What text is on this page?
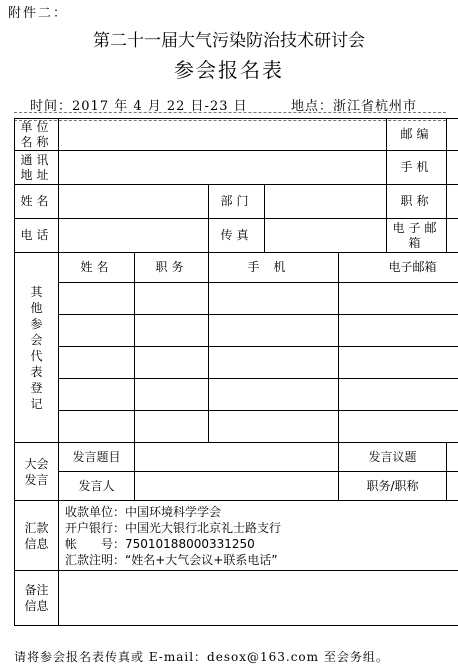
附件二：
第二十一届大气污染防治技术研讨会
参会报名表
时间：2017 年 4 月 22 日-23 日	地点：浙江省杭州市
单位名称						邮编	
通讯地址						手机	
姓名			部门			职称	
电话			传真			电子邮箱	
其他参会代表登记	姓名	职务	手机		电子邮箱		

大会发言	发言题目				发言议题		
	发言人				职务/职称		
汇款信息	收款单位：中国环境科学学会
开户银行：中国光大银行北京礼士路支行
帐　　号：75010188000331250
汇款注明：“姓名+大气会议+联系电话”						

备注信息							
请将参会报名表传真或 E-mail：desox@163.com 至会务组。
